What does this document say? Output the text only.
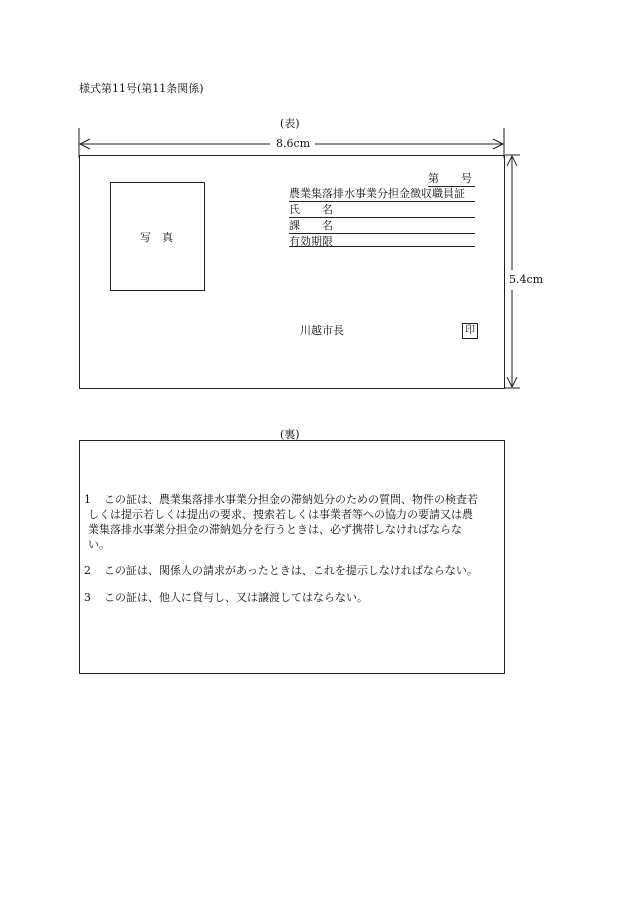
様式第11号(第11条関係)
(表)
8.6cm
5.4cm
写　真
第　　号
農業集落排水事業分担金徴収職員証
氏　　名
課　　名
有効期限
川越市長	印
(裏)
1 この証は、農業集落排水事業分担金の滞納処分のための質問、物件の検査若
しくは提示若しくは提出の要求、捜索若しくは事業者等への協力の要請又は農
業集落排水事業分担金の滞納処分を行うときは、必ず携帯しなければならな
い。
2 この証は、関係人の請求があったときは、これを提示しなければならない。
3 この証は、他人に貸与し、又は譲渡してはならない。
